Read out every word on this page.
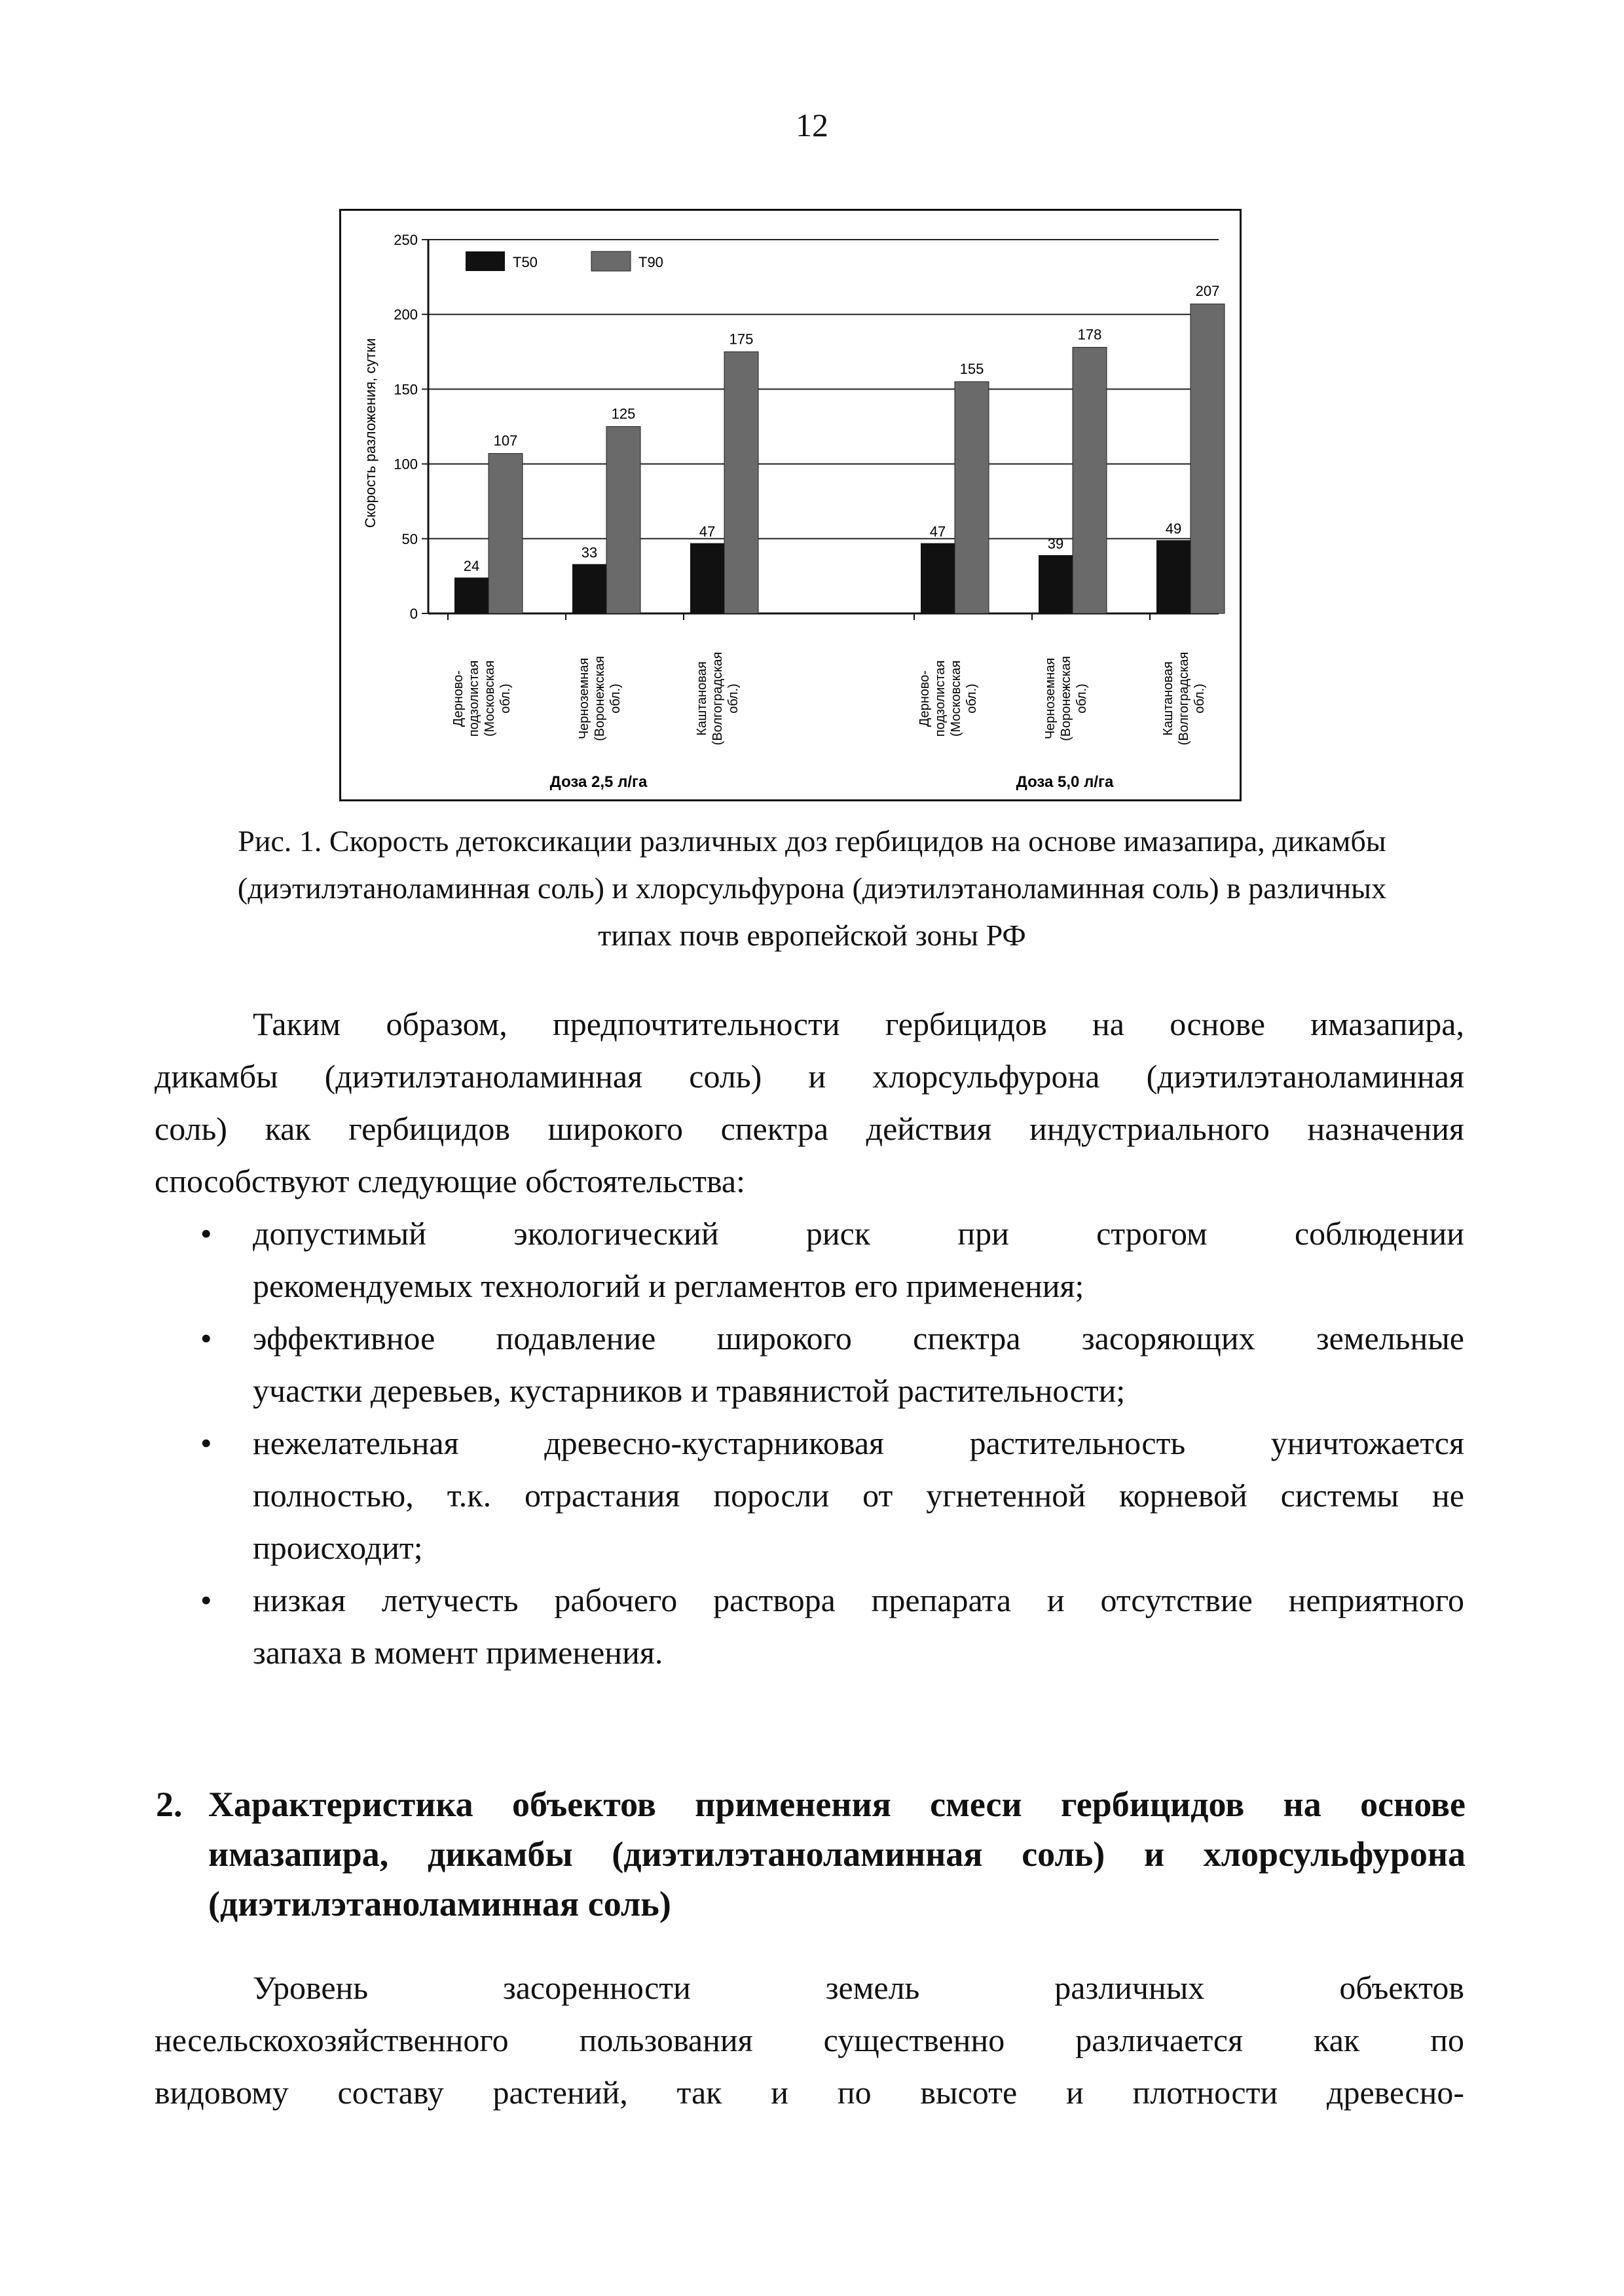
12
0
50
100
150
200
250
Скорость разложения, сутки
T50	T90
24
107
Дерново- подзолистая (Московская обл.)
33
125
Черноземная (Воронежская обл.)
47
175
Каштановая (Волгоградская обл.)
Доза 2,5 л/га
47
155
Дерново- подзолистая (Московская обл.)
39
178
Черноземная (Воронежская обл.)
49
207
Каштановая (Волгоградская обл.)
Доза 5,0 л/га
Рис. 1. Скорость детоксикации различных доз гербицидов на основе имазапира, дикамбы
(диэтилэтаноламинная соль) и хлорсульфурона (диэтилэтаноламинная соль) в различных
типах почв европейской зоны РФ
Таким образом, предпочтительности гербицидов на основе имазапира,
дикамбы (диэтилэтаноламинная соль) и хлорсульфурона (диэтилэтаноламинная
соль) как гербицидов широкого спектра действия индустриального назначения
способствуют следующие обстоятельства:
• допустимый экологический риск при строгом соблюдении
рекомендуемых технологий и регламентов его применения;
• эффективное подавление широкого спектра засоряющих земельные
участки деревьев, кустарников и травянистой растительности;
• нежелательная древесно-кустарниковая растительность уничтожается
полностью, т.к. отрастания поросли от угнетенной корневой системы не
происходит;
• низкая летучесть рабочего раствора препарата и отсутствие неприятного
запаха в момент применения.
2. Характеристика объектов применения смеси гербицидов на основе
имазапира, дикамбы (диэтилэтаноламинная соль) и хлорсульфурона
(диэтилэтаноламинная соль)
Уровень засоренности земель различных объектов
несельскохозяйственного пользования существенно различается как по
видовому составу растений, так и по высоте и плотности древесно-
